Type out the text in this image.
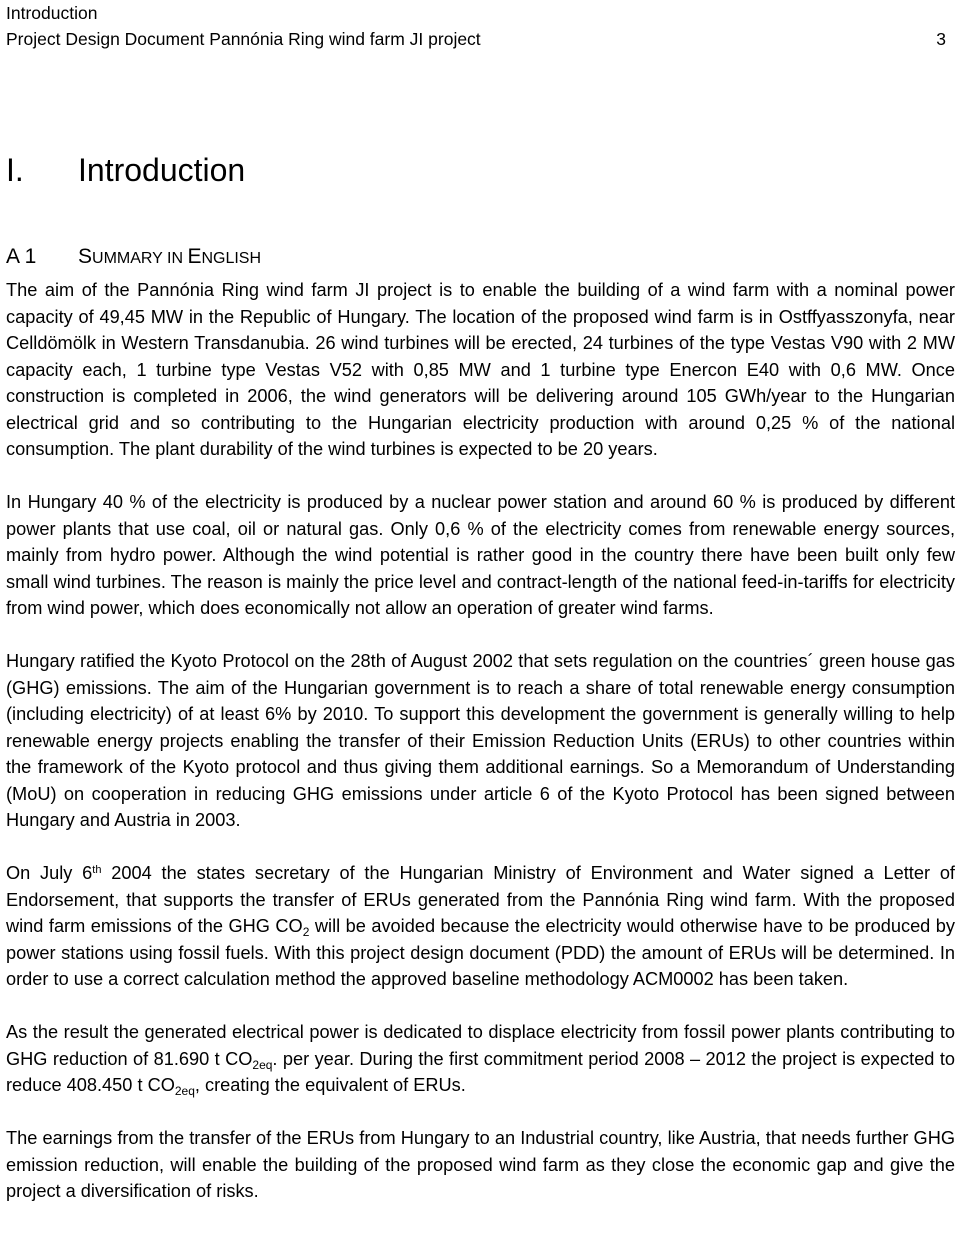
Introduction
Project Design Document Pannónia Ring wind farm JI project	3
I. Introduction
A 1 SUMMARY IN ENGLISH

The aim of the Pannónia Ring wind farm JI project is to enable the building of a wind farm with a nominal power capacity of 49,45 MW in the Republic of Hungary. The location of the proposed wind farm is in Ostffyasszonyfa, near Celldömölk in Western Transdanubia. 26 wind turbines will be erected, 24 turbines of the type Vestas V90 with 2 MW capacity each, 1 turbine type Vestas V52 with 0,85 MW and 1 turbine type Enercon E40 with 0,6 MW. Once construction is completed in 2006, the wind generators will be delivering around 105 GWh/year to the Hungarian electrical grid and so contributing to the Hungarian electricity production with around 0,25 % of the national consumption. The plant durability of the wind turbines is expected to be 20 years.

In Hungary 40 % of the electricity is produced by a nuclear power station and around 60 % is produced by different power plants that use coal, oil or natural gas. Only 0,6 % of the electricity comes from renewable energy sources, mainly from hydro power. Although the wind potential is rather good in the country there have been built only few small wind turbines. The reason is mainly the price level and contract-length of the national feed-in-tariffs for electricity from wind power, which does economically not allow an operation of greater wind farms.

Hungary ratified the Kyoto Protocol on the 28th of August 2002 that sets regulation on the countries´ green house gas (GHG) emissions. The aim of the Hungarian government is to reach a share of total renewable energy consumption (including electricity) of at least 6% by 2010. To support this development the government is generally willing to help renewable energy projects enabling the transfer of their Emission Reduction Units (ERUs) to other countries within the framework of the Kyoto protocol and thus giving them additional earnings. So a Memorandum of Understanding (MoU) on cooperation in reducing GHG emissions under article 6 of the Kyoto Protocol has been signed between Hungary and Austria in 2003.

On July 6th 2004 the states secretary of the Hungarian Ministry of Environment and Water signed a Letter of Endorsement, that supports the transfer of ERUs generated from the Pannónia Ring wind farm. With the proposed wind farm emissions of the GHG $CO_2$ will be avoided because the electricity would otherwise have to be produced by power stations using fossil fuels. With this project design document (PDD) the amount of ERUs will be determined. In order to use a correct calculation method the approved baseline methodology ACM0002 has been taken.

As the result the generated electrical power is dedicated to displace electricity from fossil power plants contributing to GHG reduction of 81.690 t $CO_{2eq}$. per year. During the first commitment period 2008 – 2012 the project is expected to reduce 408.450 t $CO_{2eq}$, creating the equivalent of ERUs.

The earnings from the transfer of the ERUs from Hungary to an Industrial country, like Austria, that needs further GHG emission reduction, will enable the building of the proposed wind farm as they close the economic gap and give the project a diversification of risks.
